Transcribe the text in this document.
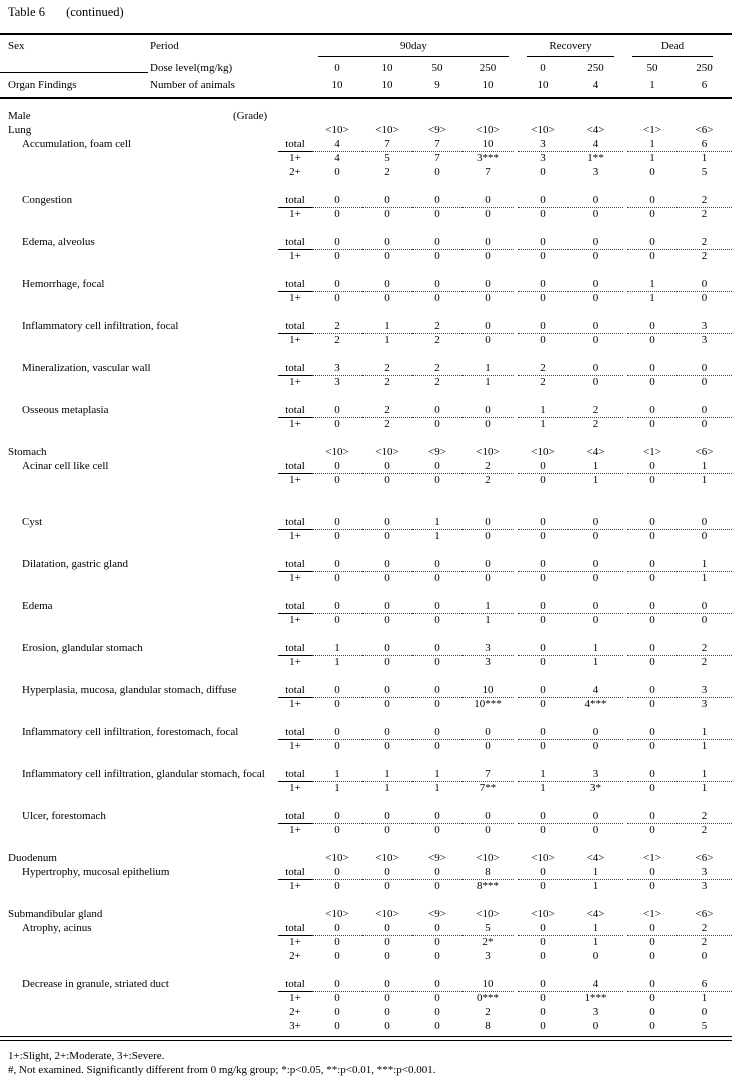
Table 6 (continued)
Sex	Period	90day	Recovery	Dead
Dose level(mg/kg)	0	10	50	250	0	250	50	250
Organ Findings	Number of animals	10	10	9	10	10	4	1	6
Male	(Grade)
Lung	<10>	<10>	<9>	<10>	<10>	<4>	<1>	<6>
Accumulation, foam cell	total	4	7	7	10	3	4	1	6
1+	4	5	7	3***	3	1**	1	1
2+	0	2	0	7	0	3	0	5
Congestion	total	0	0	0	0	0	0	0	2
1+	0	0	0	0	0	0	0	2
Edema, alveolus	total	0	0	0	0	0	0	0	2
1+	0	0	0	0	0	0	0	2
Hemorrhage, focal	total	0	0	0	0	0	0	1	0
1+	0	0	0	0	0	0	1	0
Inflammatory cell infiltration, focal	total	2	1	2	0	0	0	0	3
1+	2	1	2	0	0	0	0	3
Mineralization, vascular wall	total	3	2	2	1	2	0	0	0
1+	3	2	2	1	2	0	0	0
Osseous metaplasia	total	0	2	0	0	1	2	0	0
1+	0	2	0	0	1	2	0	0
Stomach	<10>	<10>	<9>	<10>	<10>	<4>	<1>	<6>
Acinar cell like cell	total	0	0	0	2	0	1	0	1
1+	0	0	0	2	0	1	0	1
Cyst	total	0	0	1	0	0	0	0	0
1+	0	0	1	0	0	0	0	0
Dilatation, gastric gland	total	0	0	0	0	0	0	0	1
1+	0	0	0	0	0	0	0	1
Edema	total	0	0	0	1	0	0	0	0
1+	0	0	0	1	0	0	0	0
Erosion, glandular stomach	total	1	0	0	3	0	1	0	2
1+	1	0	0	3	0	1	0	2
Hyperplasia, mucosa, glandular stomach, diffuse	total	0	0	0	10	0	4	0	3
1+	0	0	0	10***	0	4***	0	3
Inflammatory cell infiltration, forestomach, focal	total	0	0	0	0	0	0	0	1
1+	0	0	0	0	0	0	0	1
Inflammatory cell infiltration, glandular stomach, focal	total	1	1	1	7	1	3	0	1
1+	1	1	1	7**	1	3*	0	1
Ulcer, forestomach	total	0	0	0	0	0	0	0	2
1+	0	0	0	0	0	0	0	2
Duodenum	<10>	<10>	<9>	<10>	<10>	<4>	<1>	<6>
Hypertrophy, mucosal epithelium	total	0	0	0	8	0	1	0	3
1+	0	0	0	8***	0	1	0	3
Submandibular gland	<10>	<10>	<9>	<10>	<10>	<4>	<1>	<6>
Atrophy, acinus	total	0	0	0	5	0	1	0	2
1+	0	0	0	2*	0	1	0	2
2+	0	0	0	3	0	0	0	0
Decrease in granule, striated duct	total	0	0	0	10	0	4	0	6
1+	0	0	0	0***	0	1***	0	1
2+	0	0	0	2	0	3	0	0
3+	0	0	0	8	0	0	0	5
1+:Slight, 2+:Moderate, 3+:Severe.
#, Not examined. Significantly different from 0 mg/kg group; *:p<0.05, **:p<0.01, ***:p<0.001.
